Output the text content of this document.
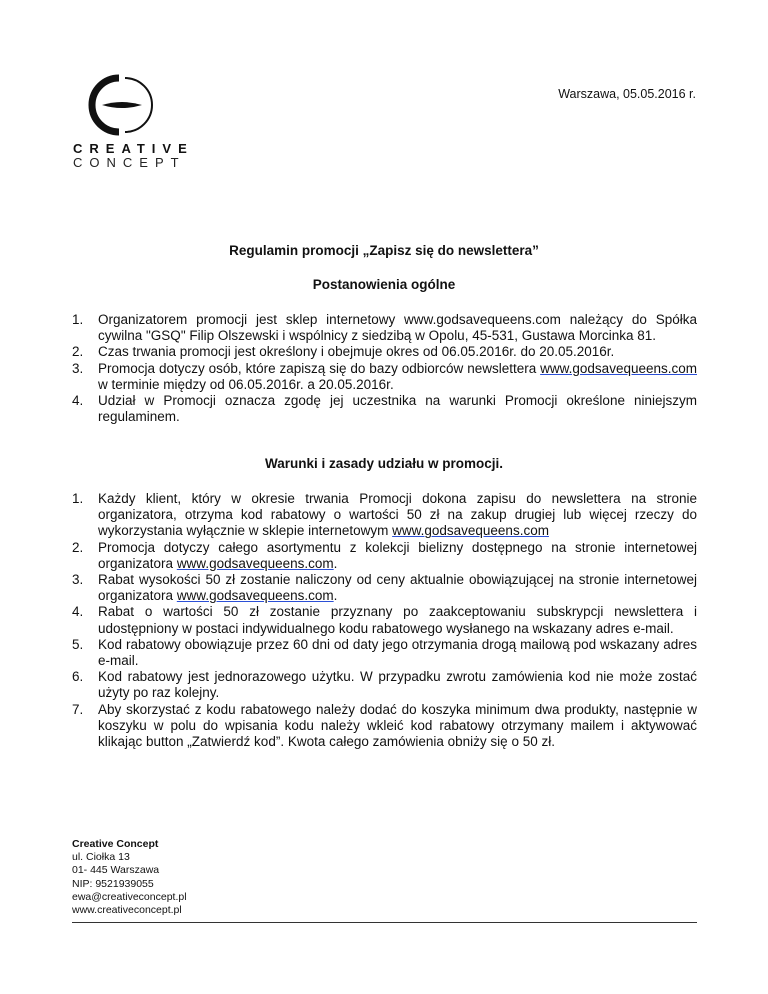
CREATIVE
CONCEPT
Warszawa, 05.05.2016 r.
Regulamin promocji „Zapisz się do newslettera”
Postanowienia ogólne
1. Organizatorem promocji jest sklep internetowy www.godsavequeens.com należący do Spółka cywilna "GSQ" Filip Olszewski i wspólnicy z siedzibą w Opolu, 45-531, Gustawa Morcinka 81.
2. Czas trwania promocji jest określony i obejmuje okres od 06.05.2016r. do 20.05.2016r.
3. Promocja dotyczy osób, które zapiszą się do bazy odbiorców newslettera www.godsavequeens.com w terminie między od 06.05.2016r. a 20.05.2016r.
4. Udział w Promocji oznacza zgodę jej uczestnika na warunki Promocji określone niniejszym regulaminem.
Warunki i zasady udziału w promocji.
1. Każdy klient, który w okresie trwania Promocji dokona zapisu do newslettera na stronie organizatora, otrzyma kod rabatowy o wartości 50 zł na zakup drugiej lub więcej rzeczy do wykorzystania wyłącznie w sklepie internetowym www.godsavequeens.com
2. Promocja dotyczy całego asortymentu z kolekcji bielizny dostępnego na stronie internetowej organizatora www.godsavequeens.com.
3. Rabat wysokości 50 zł zostanie naliczony od ceny aktualnie obowiązującej na stronie internetowej organizatora www.godsavequeens.com.
4. Rabat o wartości 50 zł zostanie przyznany po zaakceptowaniu subskrypcji newslettera i udostępniony w postaci indywidualnego kodu rabatowego wysłanego na wskazany adres e-mail.
5. Kod rabatowy obowiązuje przez 60 dni od daty jego otrzymania drogą mailową pod wskazany adres e-mail.
6. Kod rabatowy jest jednorazowego użytku. W przypadku zwrotu zamówienia kod nie może zostać użyty po raz kolejny.
7. Aby skorzystać z kodu rabatowego należy dodać do koszyka minimum dwa produkty, następnie w koszyku w polu do wpisania kodu należy wkleić kod rabatowy otrzymany mailem i aktywować klikając button „Zatwierdź kod”. Kwota całego zamówienia obniży się o 50 zł.
Creative Concept
ul. Ciołka 13
01- 445 Warszawa
NIP: 9521939055
ewa@creativeconcept.pl
www.creativeconcept.pl
